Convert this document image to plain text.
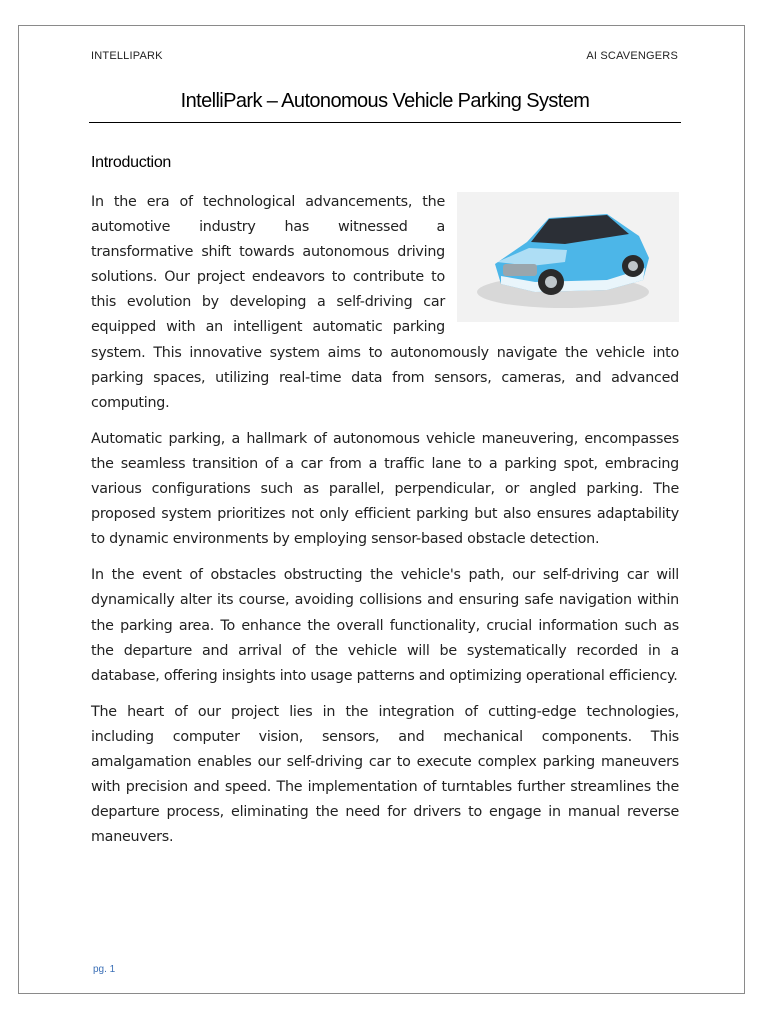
INTELLIPARK	AI SCAVENGERS
IntelliPark – Autonomous Vehicle Parking System
Introduction

In the era of technological advancements, the automotive industry has witnessed a transformative shift towards autonomous driving solutions. Our project endeavors to contribute to this evolution by developing a self-driving car equipped with an intelligent automatic parking system. This innovative system aims to autonomously navigate the vehicle into parking spaces, utilizing real-time data from sensors, cameras, and advanced computing.

Automatic parking, a hallmark of autonomous vehicle maneuvering, encompasses the seamless transition of a car from a traffic lane to a parking spot, embracing various configurations such as parallel, perpendicular, or angled parking. The proposed system prioritizes not only efficient parking but also ensures adaptability to dynamic environments by employing sensor-based obstacle detection.

In the event of obstacles obstructing the vehicle's path, our self-driving car will dynamically alter its course, avoiding collisions and ensuring safe navigation within the parking area. To enhance the overall functionality, crucial information such as the departure and arrival of the vehicle will be systematically recorded in a database, offering insights into usage patterns and optimizing operational efficiency.

The heart of our project lies in the integration of cutting-edge technologies, including computer vision, sensors, and mechanical components. This amalgamation enables our self-driving car to execute complex parking maneuvers with precision and speed. The implementation of turntables further streamlines the departure process, eliminating the need for drivers to engage in manual reverse maneuvers.

pg. 1
